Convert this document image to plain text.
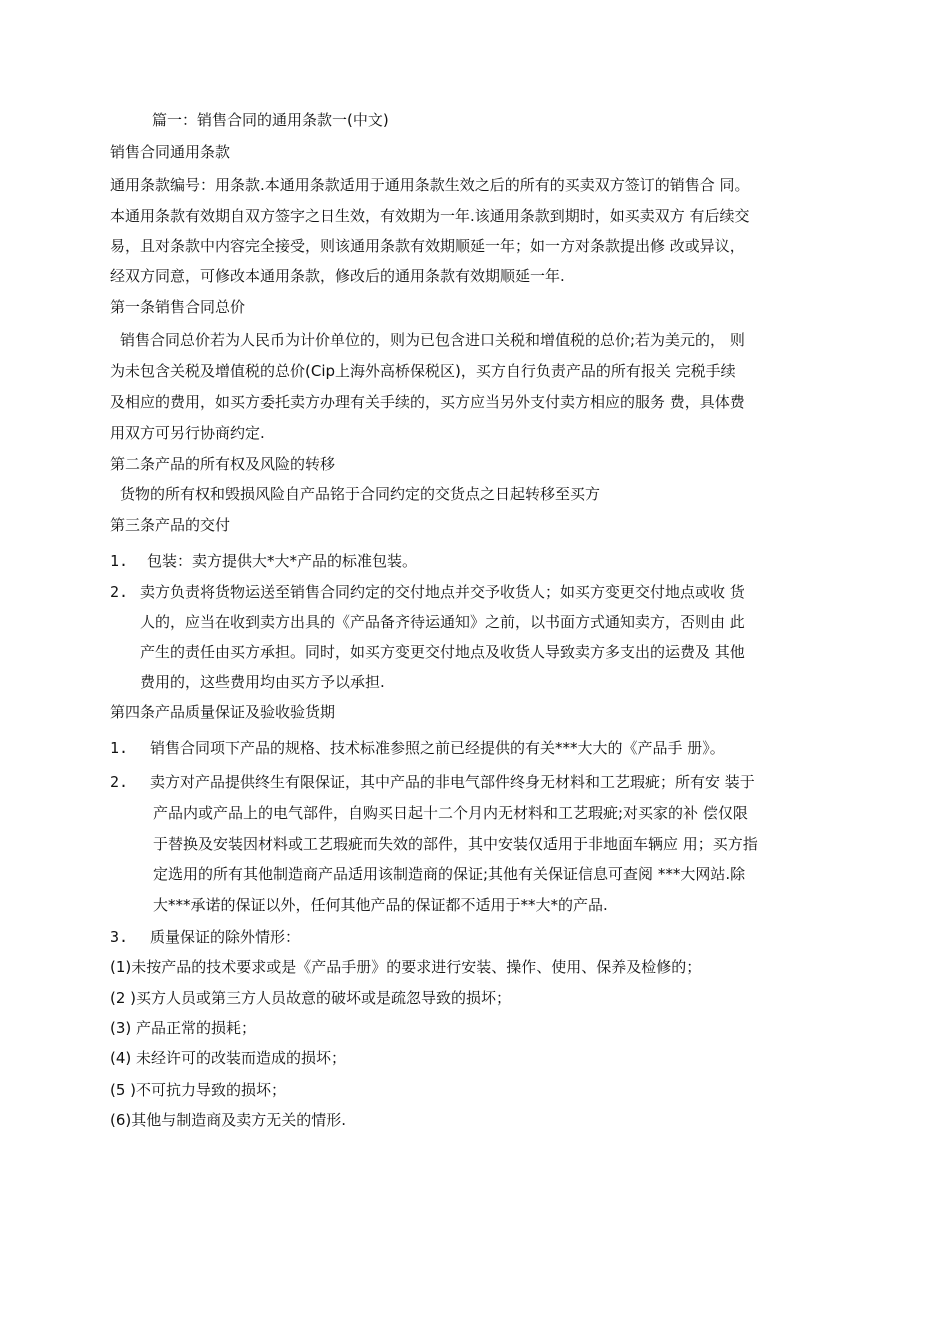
篇一：销售合同的通用条款一(中文)
销售合同通用条款
通用条款编号：用条款.本通用条款适用于通用条款生效之后的所有的买卖双方签订的销售合 同。
本通用条款有效期自双方签字之日生效，有效期为一年.该通用条款到期时，如买卖双方 有后续交
易，且对条款中内容完全接受，则该通用条款有效期顺延一年；如一方对条款提出修 改或异议，
经双方同意，可修改本通用条款，修改后的通用条款有效期顺延一年.
第一条销售合同总价
销售合同总价若为人民币为计价单位的，则为已包含进口关税和增值税的总价;若为美元的， 则
为未包含关税及增值税的总价(Cip上海外高桥保税区)，买方自行负责产品的所有报关 完税手续
及相应的费用，如买方委托卖方办理有关手续的，买方应当另外支付卖方相应的服务 费，具体费
用双方可另行协商约定.
第二条产品的所有权及风险的转移
货物的所有权和毁损风险自产品铭于合同约定的交货点之日起转移至买方
第三条产品的交付
1. 包装：卖方提供大*大*产品的标准包装。
2. 卖方负责将货物运送至销售合同约定的交付地点并交予收货人；如买方变更交付地点或收 货
人的，应当在收到卖方出具的《产品备齐待运通知》之前，以书面方式通知卖方，否则由 此
产生的责任由买方承担。同时，如买方变更交付地点及收货人导致卖方多支出的运费及 其他
费用的，这些费用均由买方予以承担.
第四条产品质量保证及验收验货期
1. 销售合同项下产品的规格、技术标准参照之前已经提供的有关***大大的《产品手 册》。
2. 卖方对产品提供终生有限保证，其中产品的非电气部件终身无材料和工艺瑕疵；所有安 装于
产品内或产品上的电气部件，自购买日起十二个月内无材料和工艺瑕疵;对买家的补 偿仅限
于替换及安装因材料或工艺瑕疵而失效的部件，其中安装仅适用于非地面车辆应 用；买方指
定选用的所有其他制造商产品适用该制造商的保证;其他有关保证信息可查阅 ***大网站.除
大***承诺的保证以外，任何其他产品的保证都不适用于**大*的产品.
3. 质量保证的除外情形：
(1)未按产品的技术要求或是《产品手册》的要求进行安装、操作、使用、保养及检修的；
(2 )买方人员或第三方人员故意的破坏或是疏忽导致的损坏；
(3) 产品正常的损耗；
(4) 未经许可的改装而造成的损坏；
(5 )不可抗力导致的损坏；
(6)其他与制造商及卖方无关的情形.
